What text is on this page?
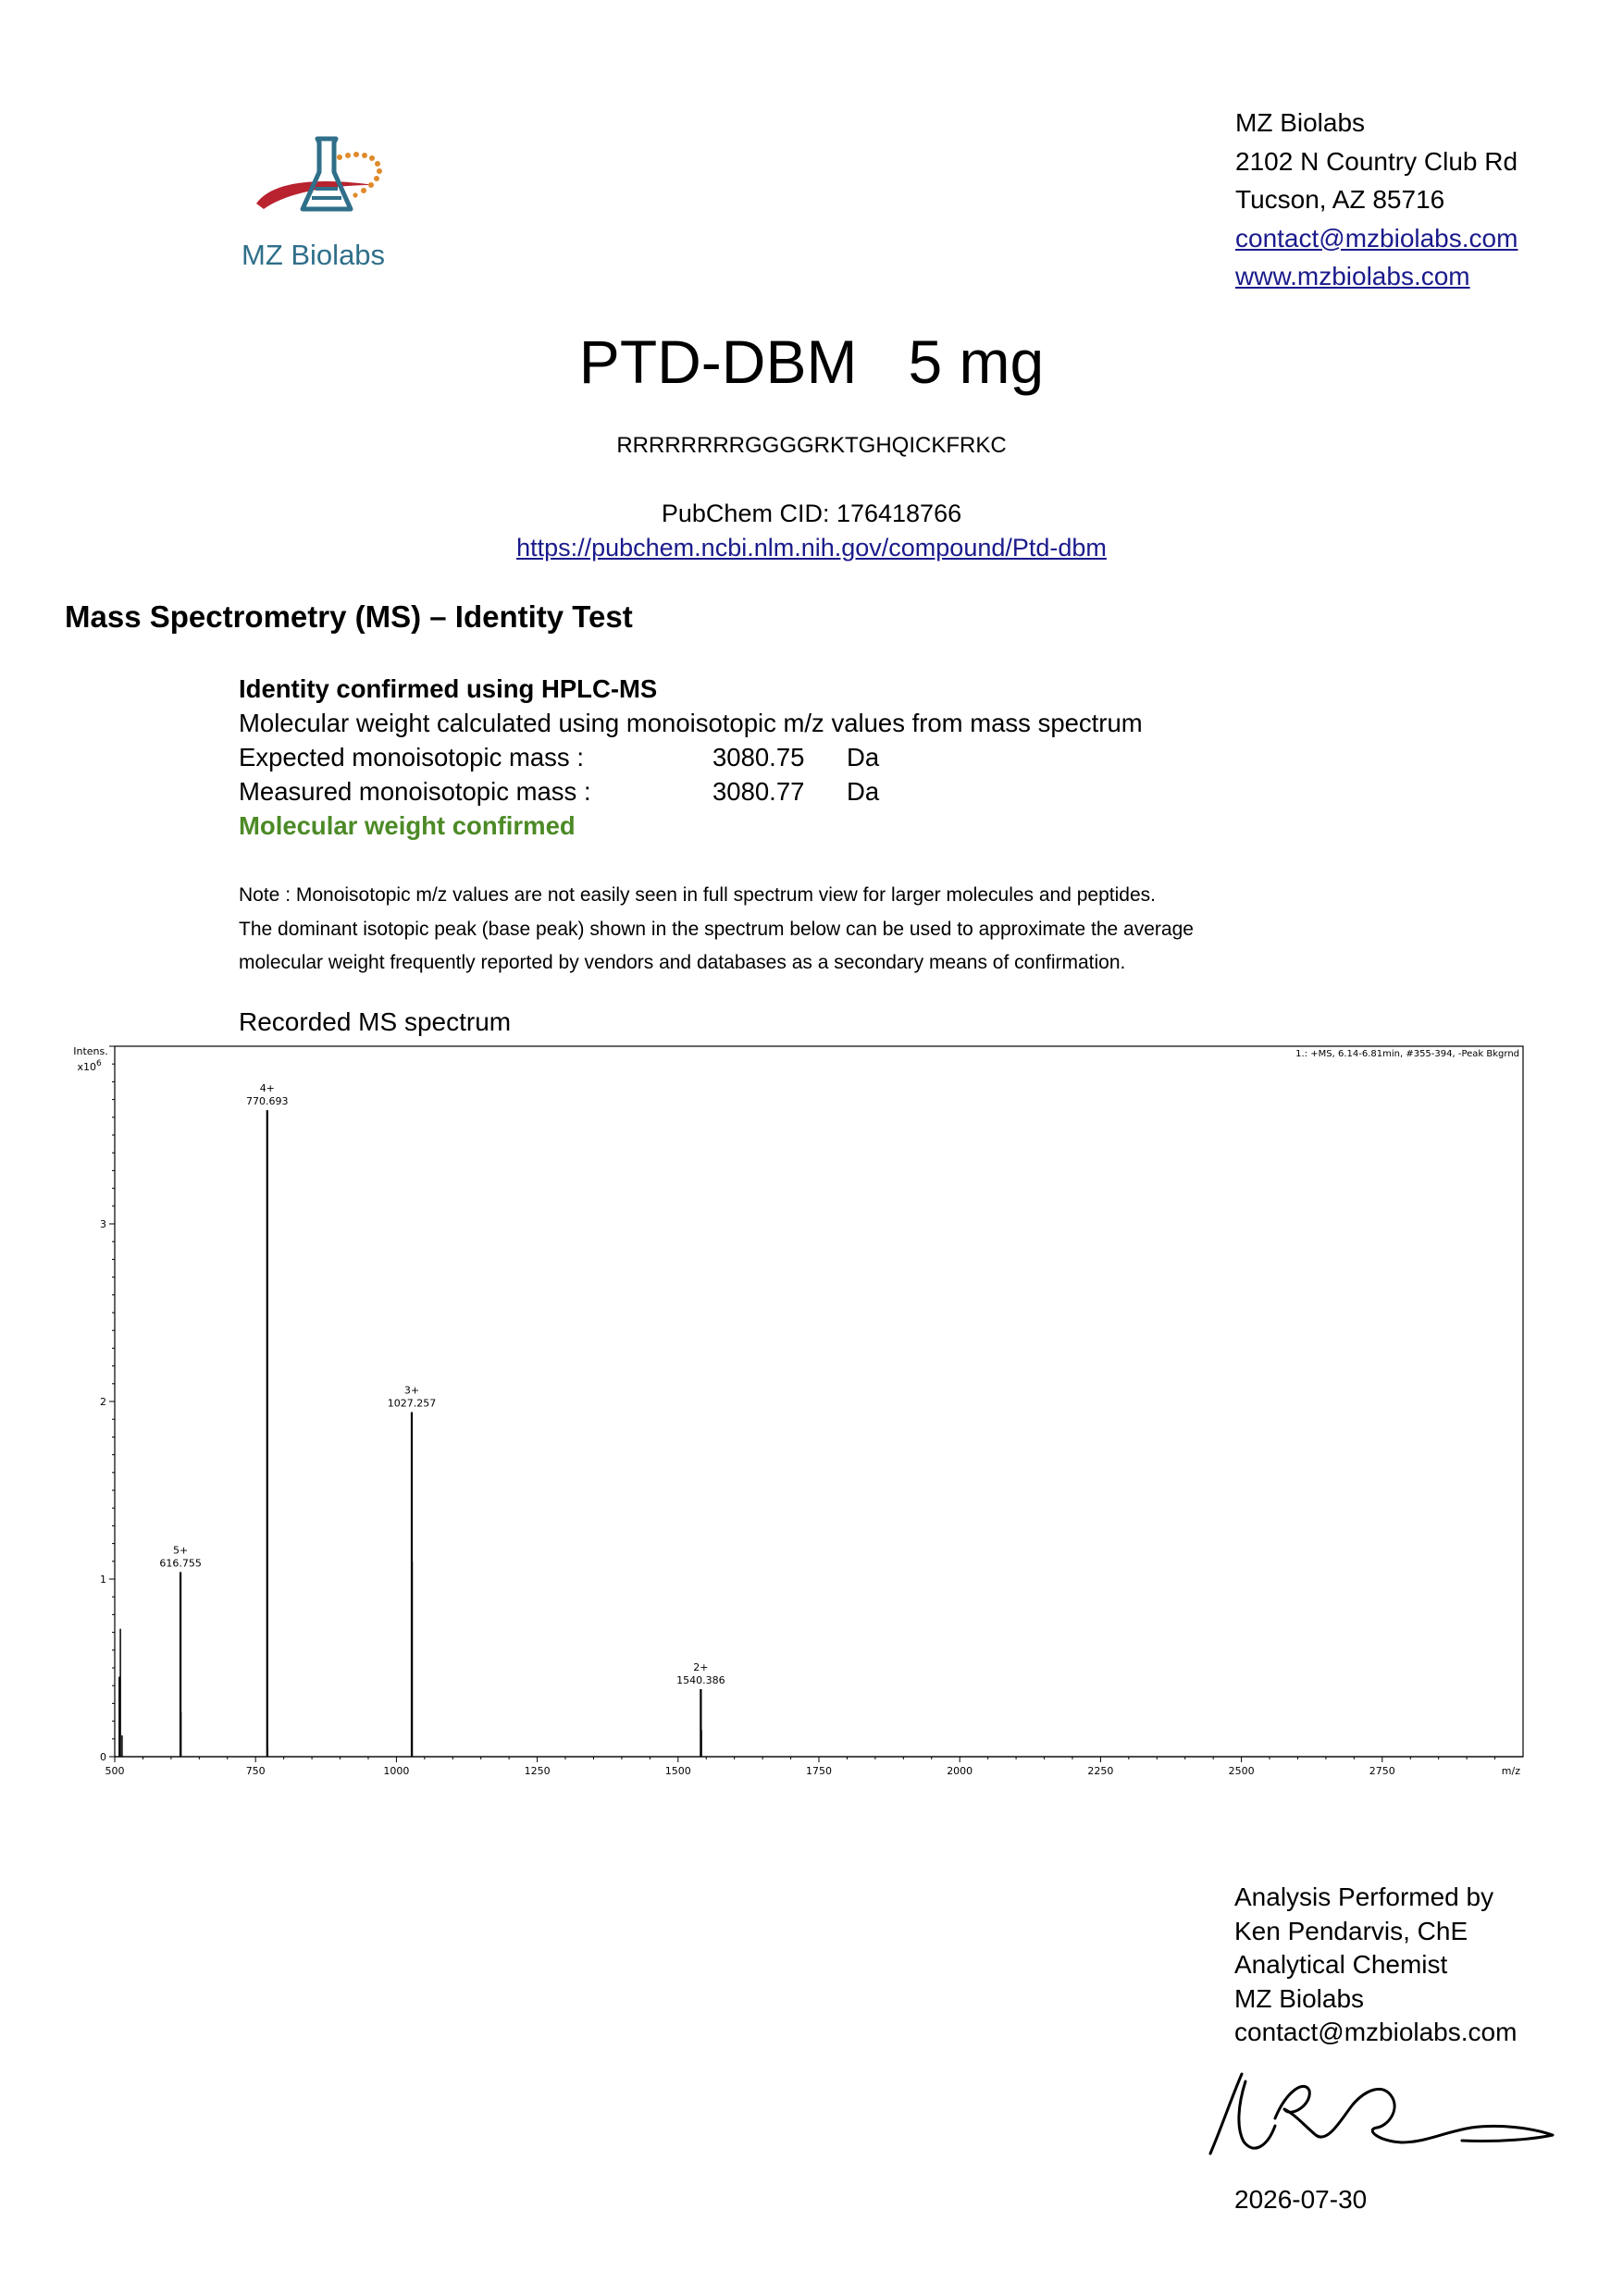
MZ Biolabs
MZ Biolabs
2102 N Country Club Rd
Tucson, AZ 85716
contact@mzbiolabs.com
www.mzbiolabs.com
PTD-DBM   5 mg
RRRRRRRRGGGGRKTGHQICKFRKC
PubChem CID: 176418766
https://pubchem.ncbi.nlm.nih.gov/compound/Ptd-dbm
Mass Spectrometry (MS) – Identity Test
Identity confirmed using HPLC-MS
Molecular weight calculated using monoisotopic m/z values from mass spectrum
Expected monoisotopic mass :	3080.75 Da
Measured monoisotopic mass :	3080.77 Da
Molecular weight confirmed
Note : Monoisotopic m/z values are not easily seen in full spectrum view for larger molecules and peptides.
The dominant isotopic peak (base peak) shown in the spectrum below can be used to approximate the average
molecular weight frequently reported by vendors and databases as a secondary means of confirmation.
Recorded MS spectrum
Intens.
x10 6
1.: +MS, 6.14-6.81min, #355-394, -Peak Bkgrnd
0
1
2
3
500	750	1000	1250	1500	1750	2000	2250	2500	2750	m/z
5+
616.755
4+
770.693
3+
1027.257
2+
1540.386
Analysis Performed by
Ken Pendarvis, ChE
Analytical Chemist
MZ Biolabs
contact@mzbiolabs.com
2026-07-30
